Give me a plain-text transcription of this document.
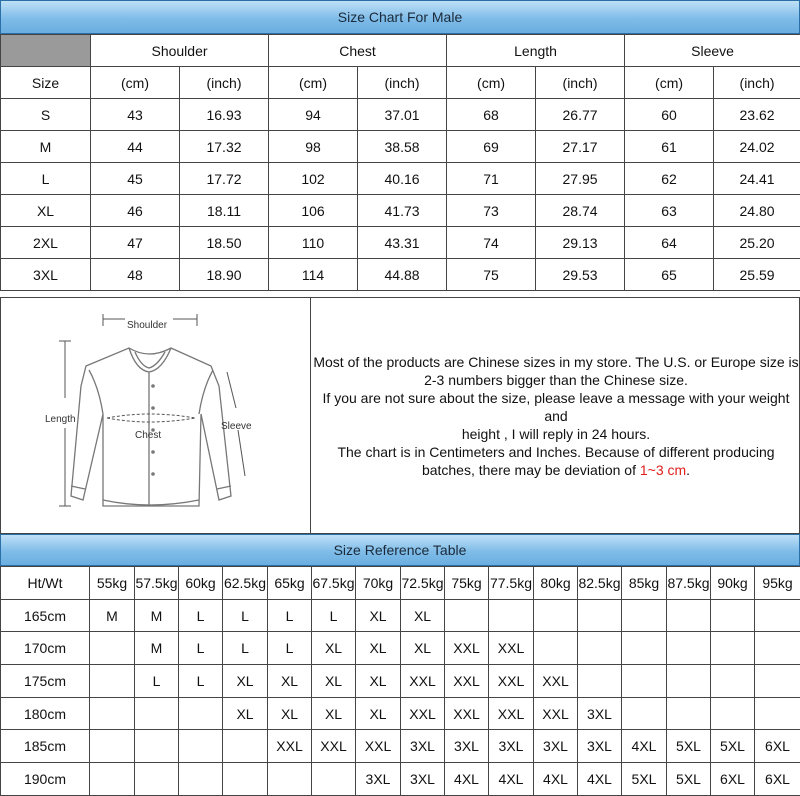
Size Chart For Male
	Shoulder		Chest		Length		Sleeve	
Size	(cm)	(inch)	(cm)	(inch)	(cm)	(inch)	(cm)	(inch)
S	43	16.93	94	37.01	68	26.77	60	23.62
M	44	17.32	98	38.58	69	27.17	61	24.02
L	45	17.72	102	40.16	71	27.95	62	24.41
XL	46	18.11	106	41.73	73	28.74	63	24.80
2XL	47	18.50	110	43.31	74	29.13	64	25.20
3XL	48	18.90	114	44.88	75	29.53	65	25.59
Shoulder
Length
Sleeve
Chest
Most of the products are Chinese sizes in my store. The U.S. or Europe size is
2-3 numbers bigger than the Chinese size.
If you are not sure about the size, please leave a message with your weight and
height , I will reply in 24 hours.
The chart is in Centimeters and Inches. Because of different producing
batches, there may be deviation of 1~3 cm.
Size Reference Table
Ht/Wt	55kg	57.5kg	60kg	62.5kg	65kg	67.5kg	70kg	72.5kg	75kg	77.5kg	80kg	82.5kg	85kg	87.5kg	90kg	95kg
165cm	M	M	L	L	L	L	XL	XL								
170cm		M	L	L	L	XL	XL	XL	XXL	XXL						
175cm		L	L	XL	XL	XL	XL	XXL	XXL	XXL	XXL					
180cm				XL	XL	XL	XL	XXL	XXL	XXL	XXL	3XL				
185cm					XXL	XXL	XXL	3XL	3XL	3XL	3XL	3XL	4XL	5XL	5XL	6XL
190cm							3XL	3XL	4XL	4XL	4XL	4XL	5XL	5XL	6XL	6XL
